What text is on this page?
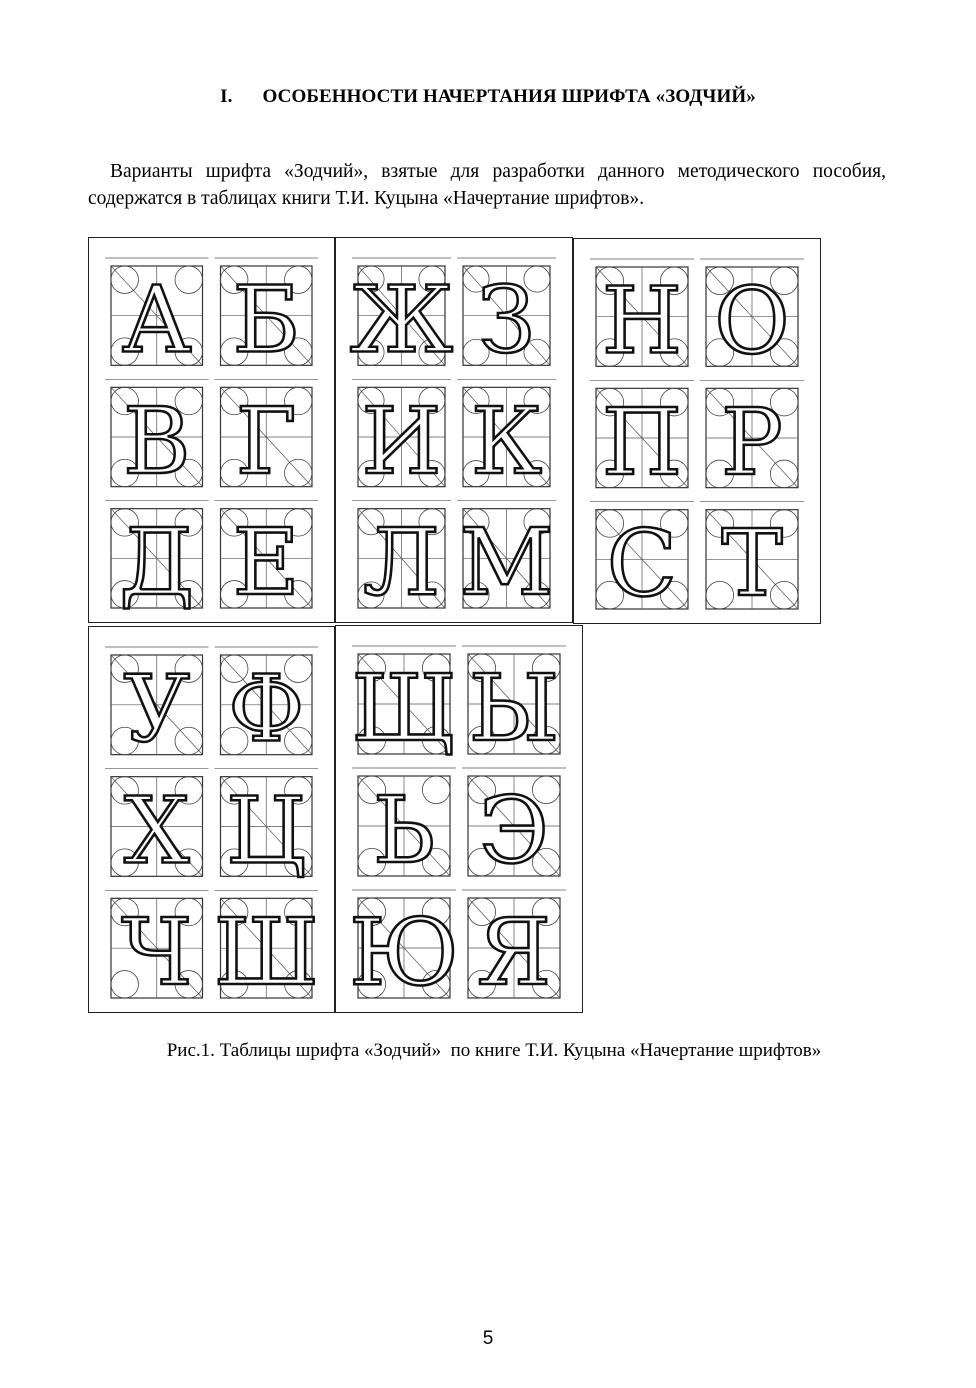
I. ОСОБЕННОСТИ НАЧЕРТАНИЯ ШРИФТА «ЗОДЧИЙ»

Варианты шрифта «Зодчий», взятые для разработки данного методического пособия, содержатся в таблицах книги Т.И. Куцына «Начертание шрифтов».

А Б
В Г
Д Е
Ж З
И К
Л М
Н О
П Р
С Т
У Ф
Х Ц
Ч Ш
Щ Ы
Ь Э
Ю Я
Рис.1. Таблицы шрифта «Зодчий»  по книге Т.И. Куцына «Начертание шрифтов»
5
